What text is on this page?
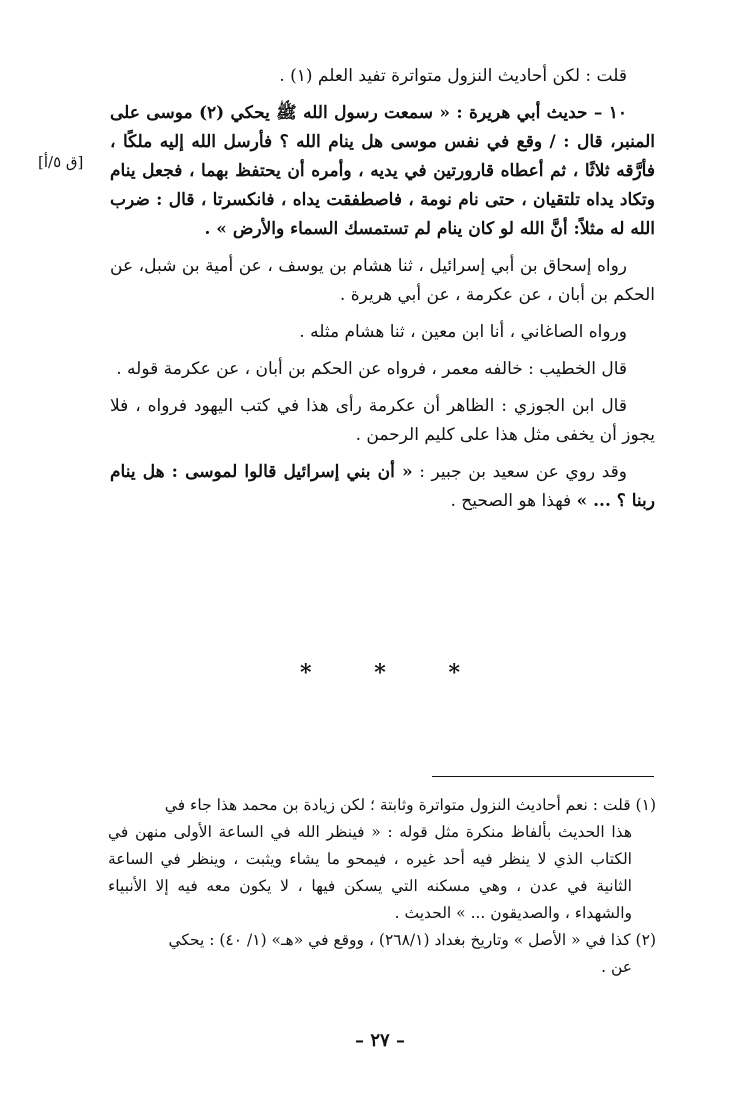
قلت : لكن أحاديث النزول متواترة تفيد العلم (١) .

١٠ – حديث أبي هريرة : « سمعت رسول الله ﷺ يحكي (٢) موسى على المنبر، قال : / وقع في نفس موسى هل ينام الله ؟ فأرسل الله إليه ملكًا ، فأرَّقه ثلاثًا ، ثم أعطاه قارورتين في يديه ، وأمره أن يحتفظ بهما ، فجعل ينام وتكاد يداه تلتقيان ، حتى نام نومة ، فاصطفقت يداه ، فانكسرتا ، قال : ضرب الله له مثلاً: أنَّ الله لو كان ينام لم تستمسك السماء والأرض » .

رواه إسحاق بن أبي إسرائيل ، ثنا هشام بن يوسف ، عن أمية بن شبل، عن الحكم بن أبان ، عن عكرمة ، عن أبي هريرة .

ورواه الصاغاني ، أنا ابن معين ، ثنا هشام مثله .

قال الخطيب : خالفه معمر ، فرواه عن الحكم بن أبان ، عن عكرمة قوله .

قال ابن الجوزي : الظاهر أن عكرمة رأى هذا في كتب اليهود فرواه ، فلا يجوز أن يخفى مثل هذا على كليم الرحمن .

وقد روي عن سعيد بن جبير : « أن بني إسرائيل قالوا لموسى : هل ينام ربنا ؟ ... » فهذا هو الصحيح .

[ق ٥/أ]
*	*	*

(١) قلت : نعم أحاديث النزول متواترة وثابتة ؛ لكن زيادة بن محمد هذا جاء في

هذا الحديث بألفاظ منكرة مثل قوله : « فينظر الله في الساعة الأولى منهن في الكتاب الذي لا ينظر فيه أحد غيره ، فيمحو ما يشاء ويثبت ، وينظر في الساعة الثانية في عدن ، وهي مسكنه التي يسكن فيها ، لا يكون معه فيه إلا الأنبياء والشهداء ، والصديقون ... » الحديث .

(٢) كذا في « الأصل » وتاريخ بغداد (٢٦٨/١) ، ووقع في «هـ» (١/ ٤٠) : يحكي

عن .

– ٢٧ –
